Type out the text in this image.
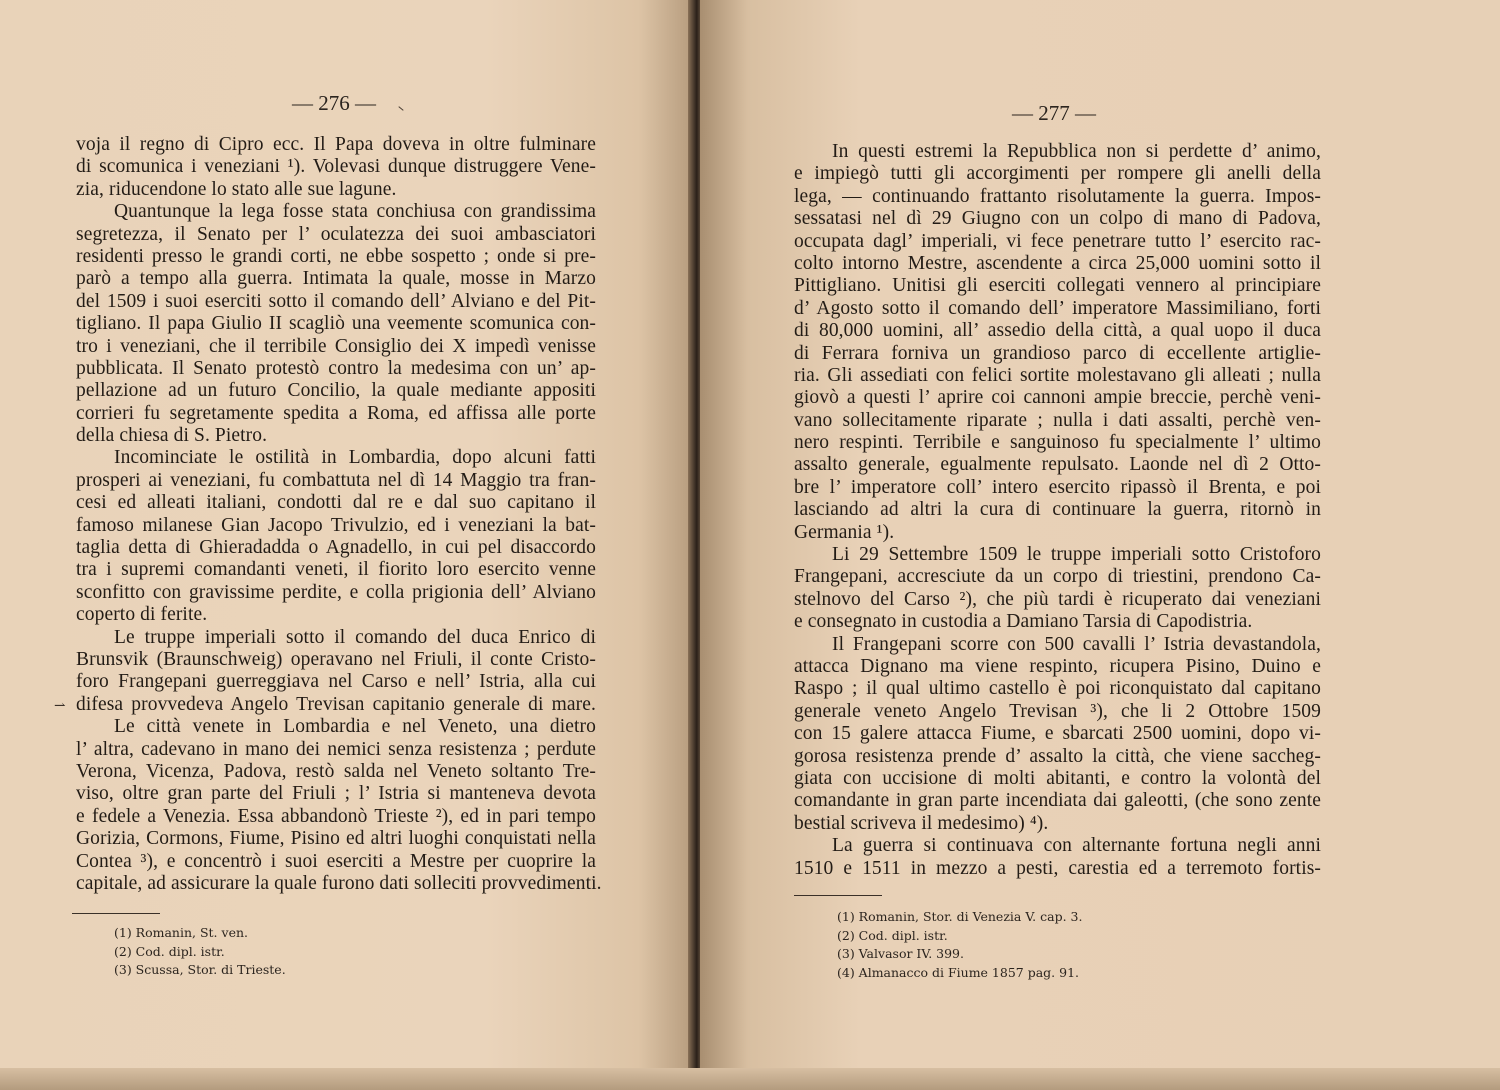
— 276 —
voja il regno di Cipro ecc. Il Papa doveva in oltre fulminare
di scomunica i veneziani ¹). Volevasi dunque distruggere Vene-
zia, riducendone lo stato alle sue lagune.
Quantunque la lega fosse stata conchiusa con grandissima
segretezza, il Senato per l’ oculatezza dei suoi ambasciatori
residenti presso le grandi corti, ne ebbe sospetto ; onde si pre-
parò a tempo alla guerra. Intimata la quale, mosse in Marzo
del 1509 i suoi eserciti sotto il comando dell’ Alviano e del Pit-
tigliano. Il papa Giulio II scagliò una veemente scomunica con-
tro i veneziani, che il terribile Consiglio dei X impedì venisse
pubblicata. Il Senato protestò contro la medesima con un’ ap-
pellazione ad un futuro Concilio, la quale mediante appositi
corrieri fu segretamente spedita a Roma, ed affissa alle porte
della chiesa di S. Pietro.
Incominciate le ostilità in Lombardia, dopo alcuni fatti
prosperi ai veneziani, fu combattuta nel dì 14 Maggio tra fran-
cesi ed alleati italiani, condotti dal re e dal suo capitano il
famoso milanese Gian Jacopo Trivulzio, ed i veneziani la bat-
taglia detta di Ghieradadda o Agnadello, in cui pel disaccordo
tra i supremi comandanti veneti, il fiorito loro esercito venne
sconfitto con gravissime perdite, e colla prigionia dell’ Alviano
coperto di ferite.
Le truppe imperiali sotto il comando del duca Enrico di
Brunsvik (Braunschweig) operavano nel Friuli, il conte Cristo-
foro Frangepani guerreggiava nel Carso e nell’ Istria, alla cui
difesa provvedeva Angelo Trevisan capitanio generale di mare.
Le città venete in Lombardia e nel Veneto, una dietro
l’ altra, cadevano in mano dei nemici senza resistenza ; perdute
Verona, Vicenza, Padova, restò salda nel Veneto soltanto Tre-
viso, oltre gran parte del Friuli ; l’ Istria si manteneva devota
e fedele a Venezia. Essa abbandonò Trieste ²), ed in pari tempo
Gorizia, Cormons, Fiume, Pisino ed altri luoghi conquistati nella
Contea ³), e concentrò i suoi eserciti a Mestre per cuoprire la
capitale, ad assicurare la quale furono dati solleciti provvedimenti.
(1) Romanin, St. ven.
(2) Cod. dipl. istr.
(3) Scussa, Stor. di Trieste.
⇀
— 277 —
In questi estremi la Repubblica non si perdette d’ animo,
e impiegò tutti gli accorgimenti per rompere gli anelli della
lega, — continuando frattanto risolutamente la guerra. Impos-
sessatasi nel dì 29 Giugno con un colpo di mano di Padova,
occupata dagl’ imperiali, vi fece penetrare tutto l’ esercito rac-
colto intorno Mestre, ascendente a circa 25,000 uomini sotto il
Pittigliano. Unitisi gli eserciti collegati vennero al principiare
d’ Agosto sotto il comando dell’ imperatore Massimiliano, forti
di 80,000 uomini, all’ assedio della città, a qual uopo il duca
di Ferrara forniva un grandioso parco di eccellente artiglie-
ria. Gli assediati con felici sortite molestavano gli alleati ; nulla
giovò a questi l’ aprire coi cannoni ampie breccie, perchè veni-
vano sollecitamente riparate ; nulla i dati assalti, perchè ven-
nero respinti. Terribile e sanguinoso fu specialmente l’ ultimo
assalto generale, egualmente repulsato. Laonde nel dì 2 Otto-
bre l’ imperatore coll’ intero esercito ripassò il Brenta, e poi
lasciando ad altri la cura di continuare la guerra, ritornò in
Germania ¹).
Li 29 Settembre 1509 le truppe imperiali sotto Cristoforo
Frangepani, accresciute da un corpo di triestini, prendono Ca-
stelnovo del Carso ²), che più tardi è ricuperato dai veneziani
e consegnato in custodia a Damiano Tarsia di Capodistria.
Il Frangepani scorre con 500 cavalli l’ Istria devastandola,
attacca Dignano ma viene respinto, ricupera Pisino, Duino e
Raspo ; il qual ultimo castello è poi riconquistato dal capitano
generale veneto Angelo Trevisan ³), che li 2 Ottobre 1509
con 15 galere attacca Fiume, e sbarcati 2500 uomini, dopo vi-
gorosa resistenza prende d’ assalto la città, che viene saccheg-
giata con uccisione di molti abitanti, e contro la volontà del
comandante in gran parte incendiata dai galeotti, (che sono zente
bestial scriveva il medesimo) ⁴).
La guerra si continuava con alternante fortuna negli anni
1510 e 1511 in mezzo a pesti, carestia ed a terremoto fortis-
(1) Romanin, Stor. di Venezia V. cap. 3.
(2) Cod. dipl. istr.
(3) Valvasor IV. 399.
(4) Almanacco di Fiume 1857 pag. 91.
